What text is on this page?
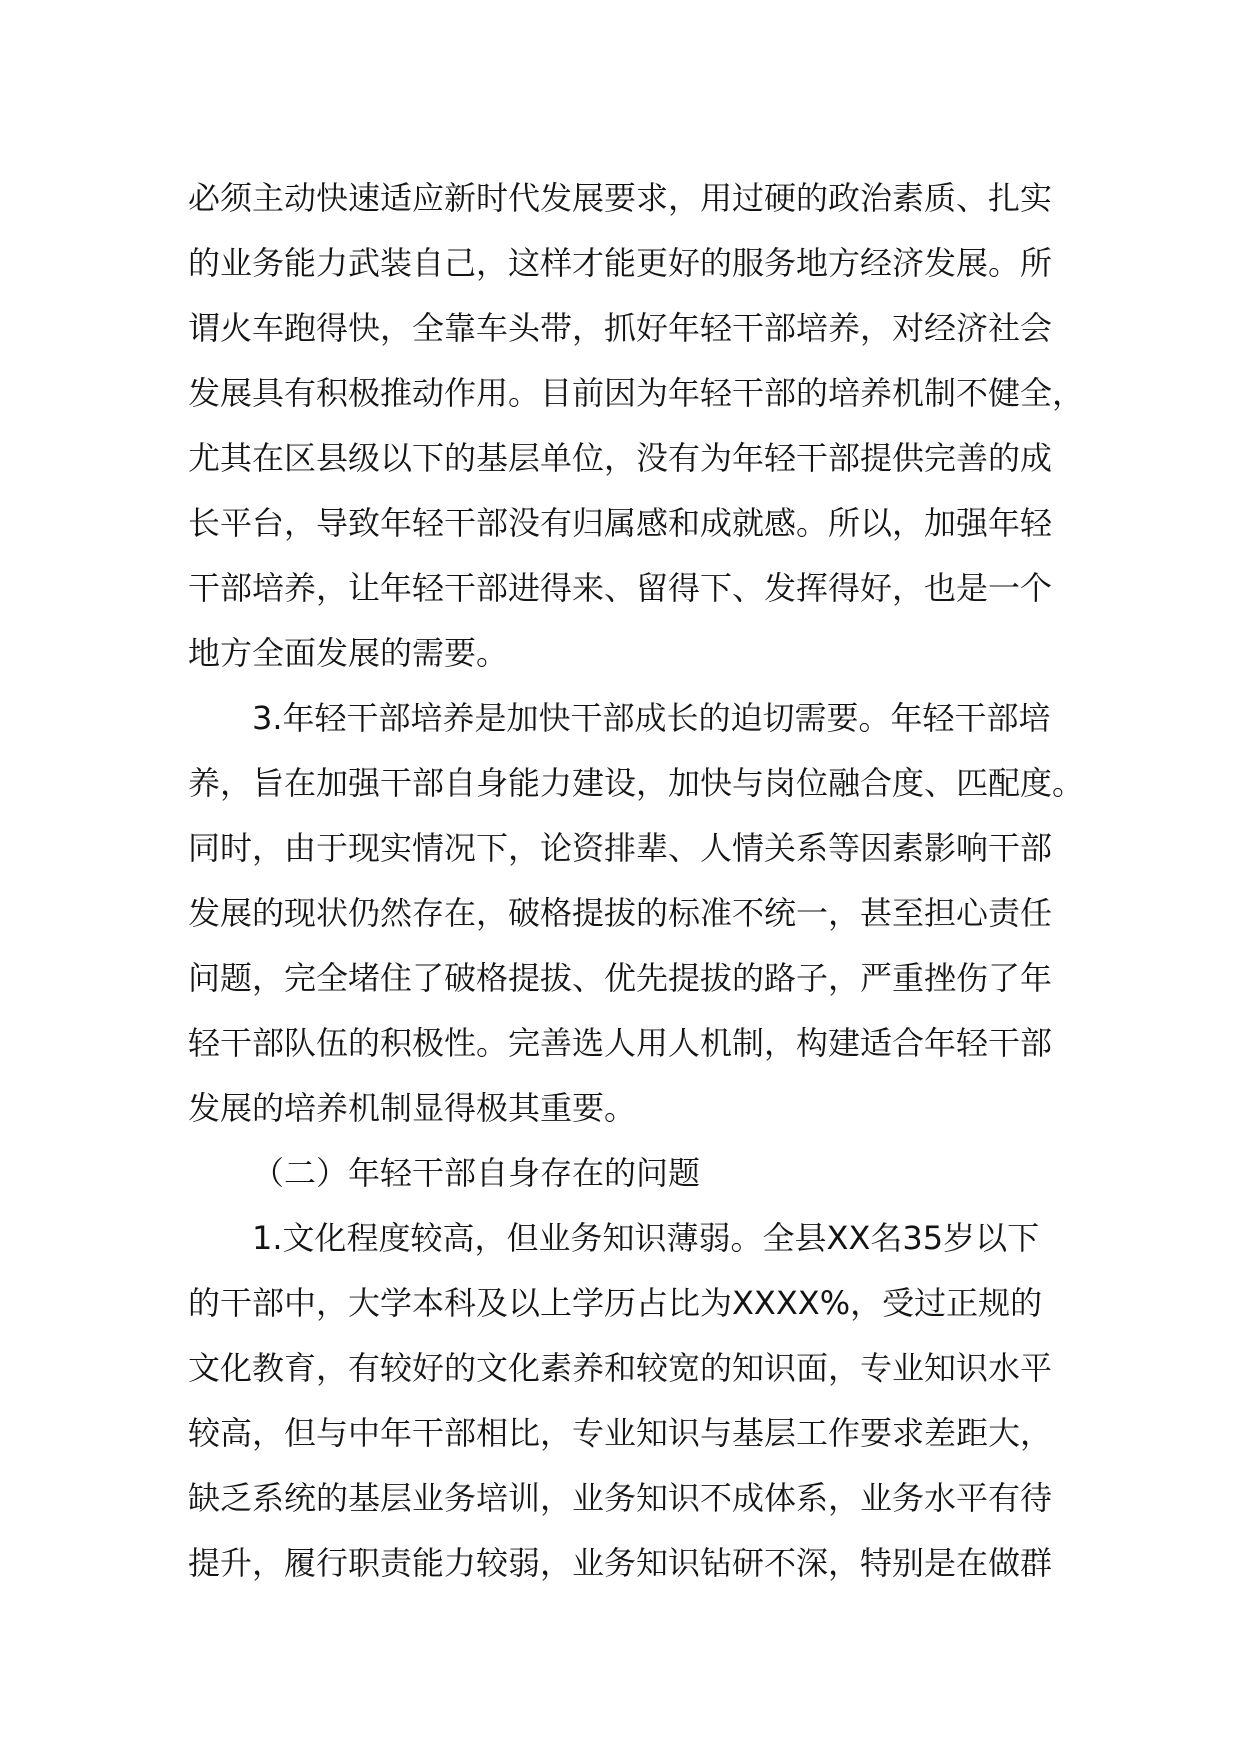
必须主动快速适应新时代发展要求，用过硬的政治素质、扎实
的业务能力武装自己，这样才能更好的服务地方经济发展。所
谓火车跑得快，全靠车头带，抓好年轻干部培养，对经济社会
发展具有积极推动作用。目前因为年轻干部的培养机制不健全，
尤其在区县级以下的基层单位，没有为年轻干部提供完善的成
长平台，导致年轻干部没有归属感和成就感。所以，加强年轻
干部培养，让年轻干部进得来、留得下、发挥得好，也是一个
地方全面发展的需要。
3.年轻干部培养是加快干部成长的迫切需要。年轻干部培
养，旨在加强干部自身能力建设，加快与岗位融合度、匹配度。
同时，由于现实情况下，论资排辈、人情关系等因素影响干部
发展的现状仍然存在，破格提拔的标准不统一，甚至担心责任
问题，完全堵住了破格提拔、优先提拔的路子，严重挫伤了年
轻干部队伍的积极性。完善选人用人机制，构建适合年轻干部
发展的培养机制显得极其重要。
（二）年轻干部自身存在的问题
1.文化程度较高，但业务知识薄弱。全县XX名35岁以下
的干部中，大学本科及以上学历占比为XXXX%，受过正规的
文化教育，有较好的文化素养和较宽的知识面，专业知识水平
较高，但与中年干部相比，专业知识与基层工作要求差距大，
缺乏系统的基层业务培训，业务知识不成体系，业务水平有待
提升，履行职责能力较弱，业务知识钻研不深，特别是在做群
